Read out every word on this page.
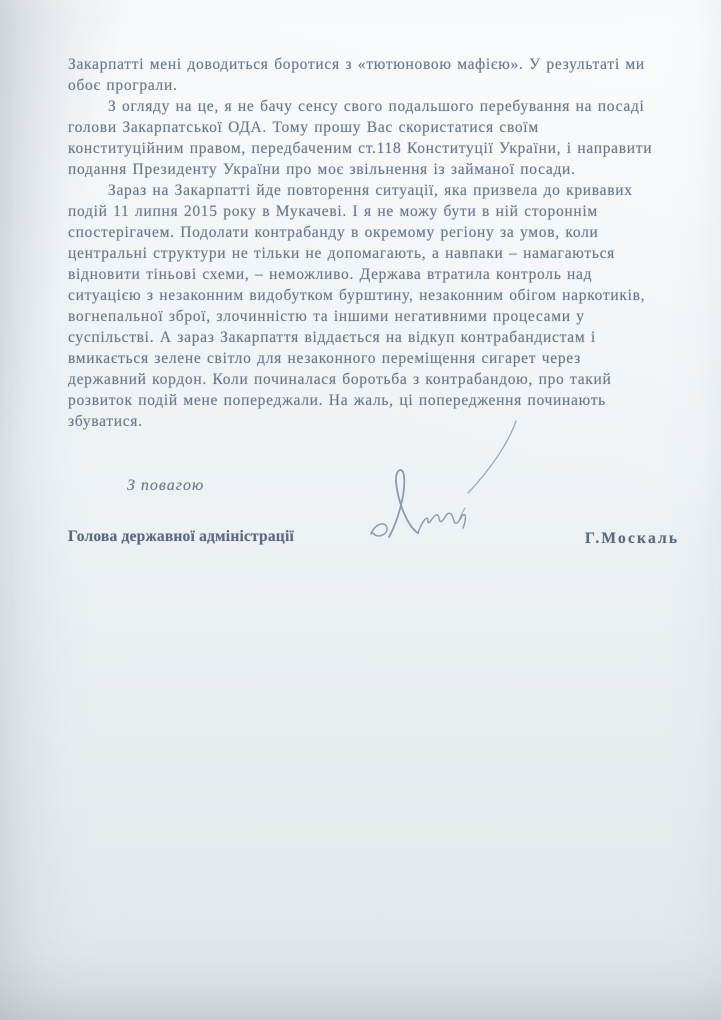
Закарпатті мені доводиться боротися з «тютюновою мафією». У результаті ми
обоє програли.
З огляду на це, я не бачу сенсу свого подальшого перебування на посаді
голови Закарпатської ОДА. Тому прошу Вас скористатися своїм
конституційним правом, передбаченим ст.118 Конституції України, і направити
подання Президенту України про моє звільнення із займаної посади.
Зараз на Закарпатті йде повторення ситуації, яка призвела до кривавих
подій 11 липня 2015 року в Мукачеві. І я не можу бути в ній стороннім
спостерігачем. Подолати контрабанду в окремому регіону за умов, коли
центральні структури не тільки не допомагають, а навпаки – намагаються
відновити тіньові схеми, – неможливо. Держава втратила контроль над
ситуацією з незаконним видобутком бурштину, незаконним обігом наркотиків,
вогнепальної зброї, злочинністю та іншими негативними процесами у
суспільстві. А зараз Закарпаття віддається на відкуп контрабандистам і
вмикається зелене світло для незаконного переміщення сигарет через
державний кордон. Коли починалася боротьба з контрабандою, про такий
розвиток подій мене попереджали. На жаль, ці попередження починають
збуватися.
З повагою
Голова державної адміністрації	Г.Москаль
